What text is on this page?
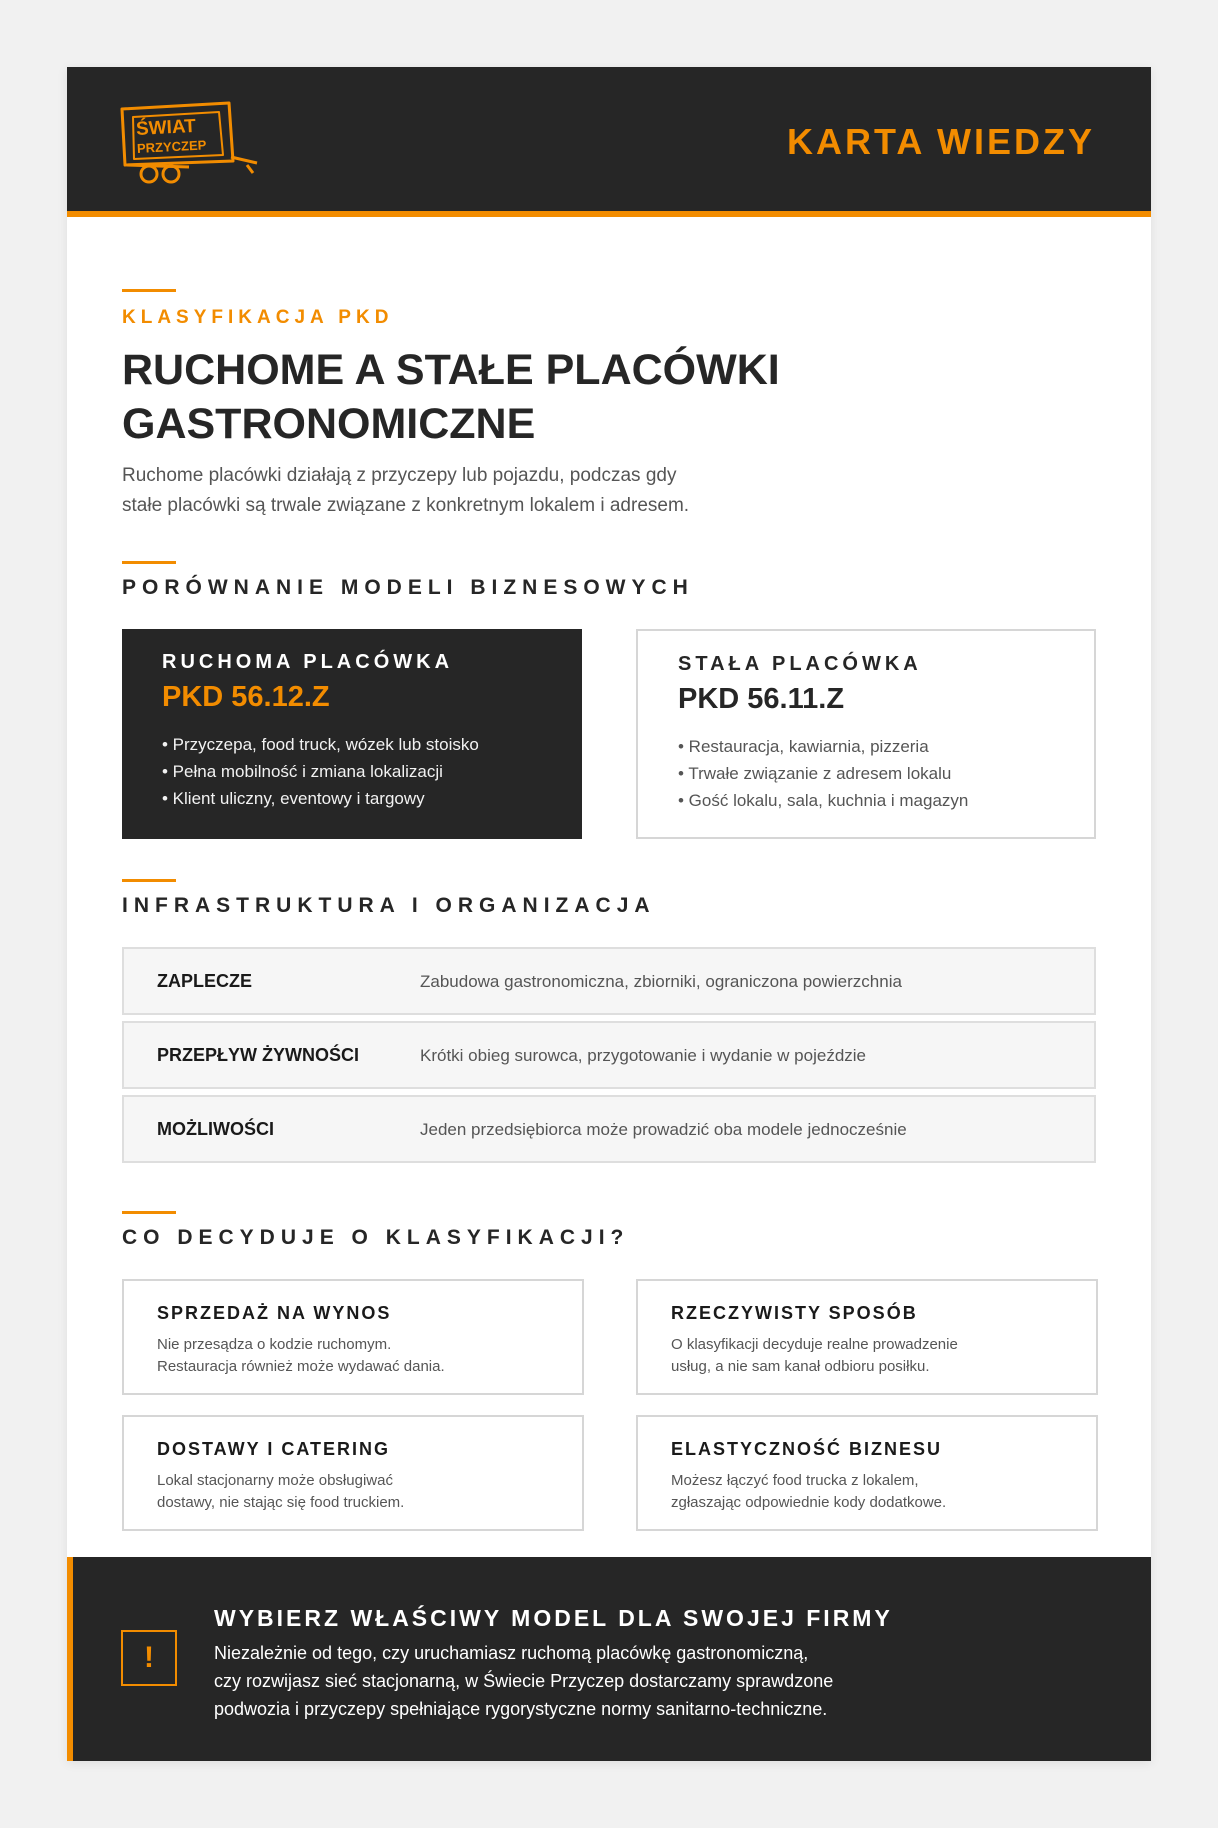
ŚWIAT
PRZYCZEP	KARTA WIEDZY
KLASYFIKACJA PKD
RUCHOME A STAŁE PLACÓWKI
GASTRONOMICZNE

Ruchome placówki działają z przyczepy lub pojazdu, podczas gdy
stałe placówki są trwale związane z konkretnym lokalem i adresem.

PORÓWNANIE MODELI BIZNESOWYCH
RUCHOMA PLACÓWKA
PKD 56.12.Z
• Przyczepa, food truck, wózek lub stoisko
• Pełna mobilność i zmiana lokalizacji
• Klient uliczny, eventowy i targowy
STAŁA PLACÓWKA
PKD 56.11.Z
• Restauracja, kawiarnia, pizzeria
• Trwałe związanie z adresem lokalu
• Gość lokalu, sala, kuchnia i magazyn
INFRASTRUKTURA I ORGANIZACJA
ZAPLECZE	Zabudowa gastronomiczna, zbiorniki, ograniczona powierzchnia
PRZEPŁYW ŻYWNOŚCI	Krótki obieg surowca, przygotowanie i wydanie w pojeździe
MOŻLIWOŚCI	Jeden przedsiębiorca może prowadzić oba modele jednocześnie
CO DECYDUJE O KLASYFIKACJI?
SPRZEDAŻ NA WYNOS
Nie przesądza o kodzie ruchomym.
Restauracja również może wydawać dania.
RZECZYWISTY SPOSÓB
O klasyfikacji decyduje realne prowadzenie
usług, a nie sam kanał odbioru posiłku.
DOSTAWY I CATERING
Lokal stacjonarny może obsługiwać
dostawy, nie stając się food truckiem.
ELASTYCZNOŚĆ BIZNESU
Możesz łączyć food trucka z lokalem,
zgłaszając odpowiednie kody dodatkowe.
!
WYBIERZ WŁAŚCIWY MODEL DLA SWOJEJ FIRMY

Niezależnie od tego, czy uruchamiasz ruchomą placówkę gastronomiczną,
czy rozwijasz sieć stacjonarną, w Świecie Przyczep dostarczamy sprawdzone
podwozia i przyczepy spełniające rygorystyczne normy sanitarno-techniczne.
